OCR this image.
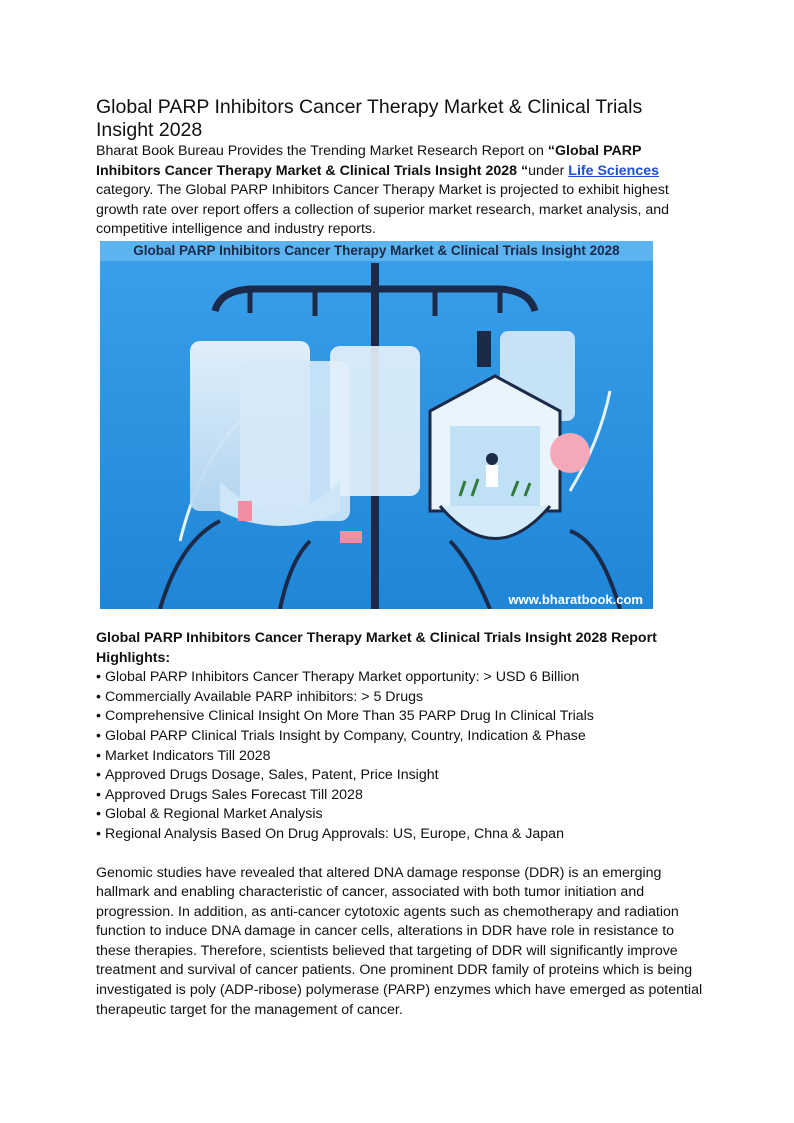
Global PARP Inhibitors Cancer Therapy Market & Clinical Trials Insight 2028

Bharat Book Bureau Provides the Trending Market Research Report on “Global PARP Inhibitors Cancer Therapy Market & Clinical Trials Insight 2028 “under Life Sciences category. The Global PARP Inhibitors Cancer Therapy Market is projected to exhibit highest growth rate over report offers a collection of superior market research, market analysis, and competitive intelligence and industry reports.

Global PARP Inhibitors Cancer Therapy Market & Clinical Trials Insight 2028
www.bharatbook.com

Global PARP Inhibitors Cancer Therapy Market & Clinical Trials Insight 2028 Report Highlights:

• Global PARP Inhibitors Cancer Therapy Market opportunity: > USD 6 Billion
• Commercially Available PARP inhibitors: > 5 Drugs
• Comprehensive Clinical Insight On More Than 35 PARP Drug In Clinical Trials
• Global PARP Clinical Trials Insight by Company, Country, Indication & Phase
• Market Indicators Till 2028
• Approved Drugs Dosage, Sales, Patent, Price Insight
• Approved Drugs Sales Forecast Till 2028
• Global & Regional Market Analysis
• Regional Analysis Based On Drug Approvals: US, Europe, Chna & Japan

Genomic studies have revealed that altered DNA damage response (DDR) is an emerging hallmark and enabling characteristic of cancer, associated with both tumor initiation and progression. In addition, as anti-cancer cytotoxic agents such as chemotherapy and radiation function to induce DNA damage in cancer cells, alterations in DDR have role in resistance to these therapies. Therefore, scientists believed that targeting of DDR will significantly improve treatment and survival of cancer patients. One prominent DDR family of proteins which is being investigated is poly (ADP-ribose) polymerase (PARP) enzymes which have emerged as potential therapeutic target for the management of cancer.
